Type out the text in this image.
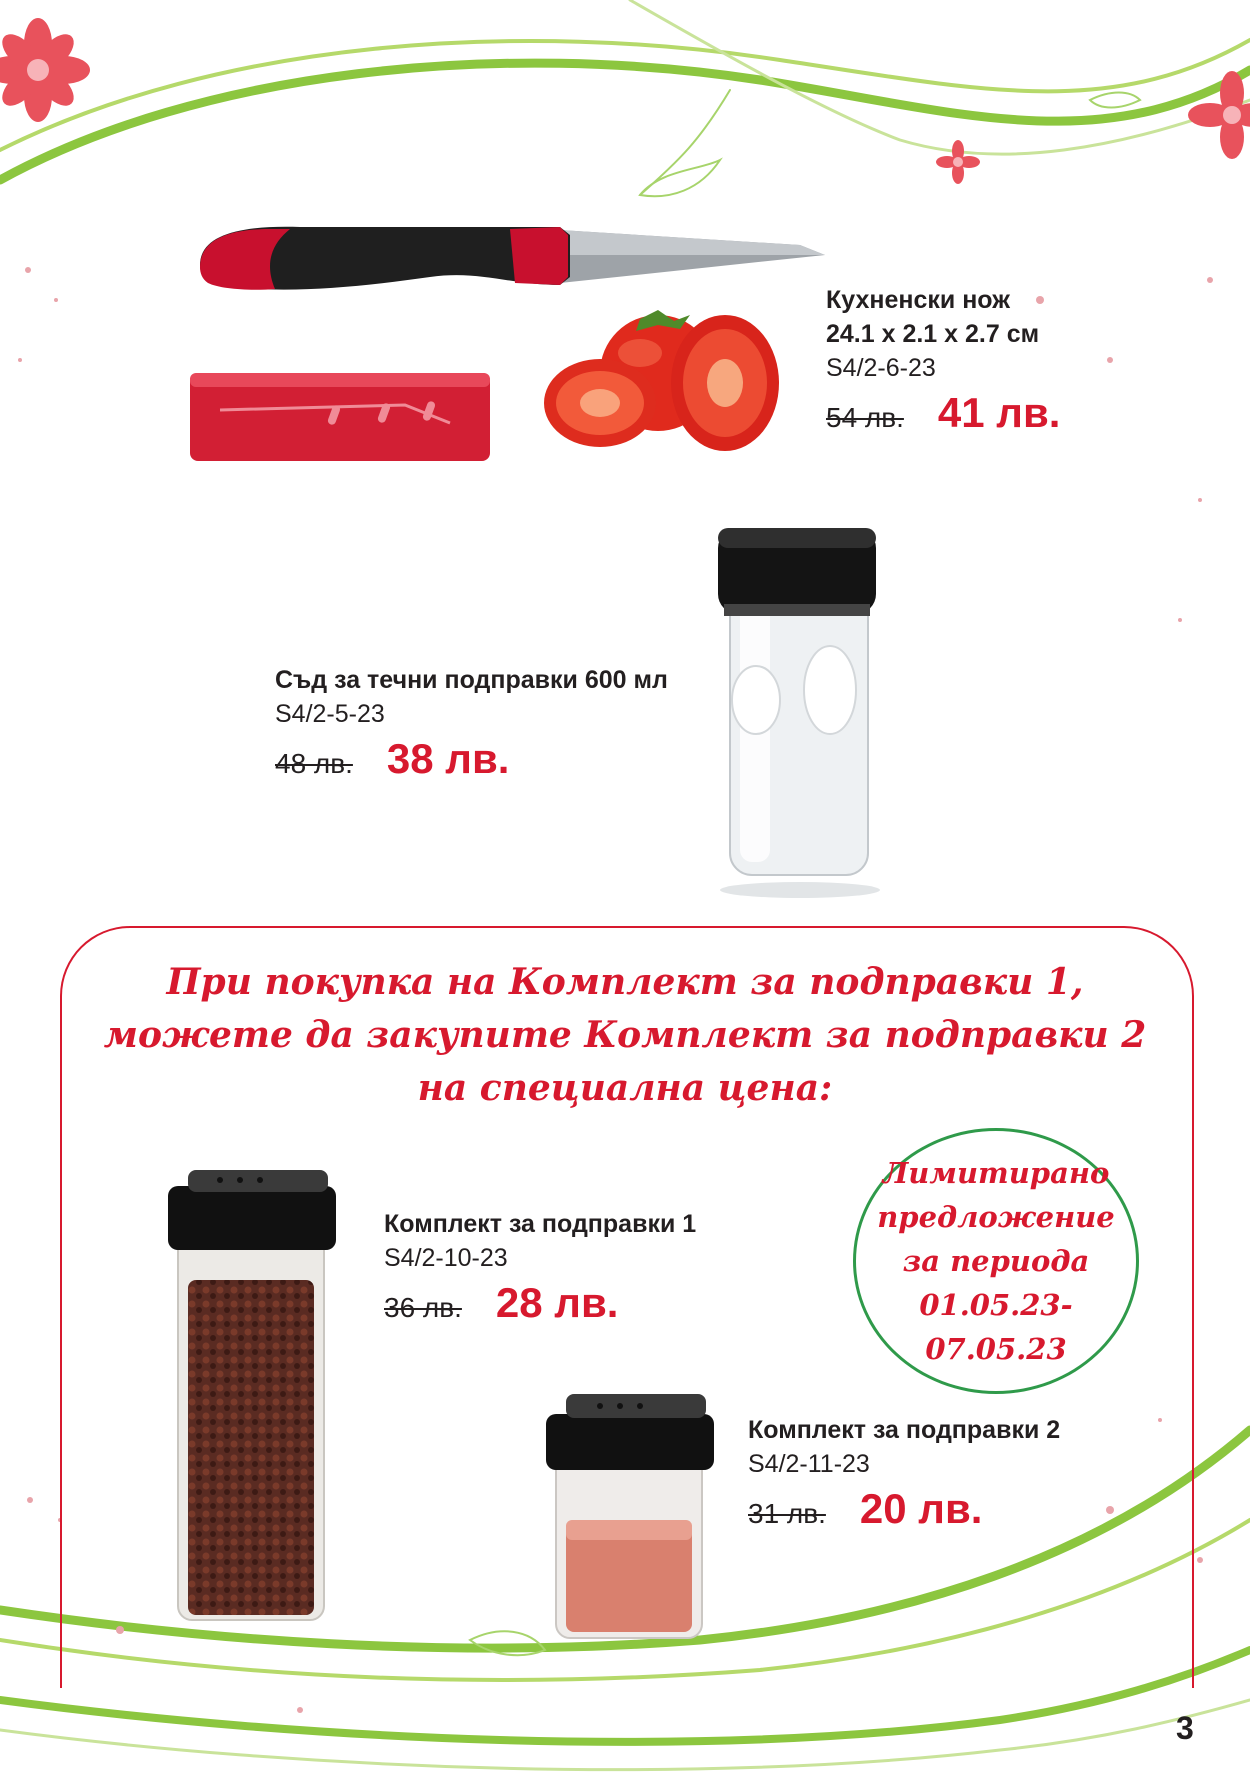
Кухненски нож
24.1 x 2.1 x 2.7 см
S4/2-6-23
54 лв. 41 лв.
Съд за течни подправки 600 мл
S4/2-5-23
48 лв. 38 лв.
При покупка на Комплект за подправки 1,
можете да закупите Комплект за подправки 2
на специална цена:
Комплект за подправки 1
S4/2-10-23
36 лв. 28 лв.
Лимитирано
предложение
за периода
01.05.23-07.05.23
Комплект за подправки 2
S4/2-11-23
31 лв. 20 лв.
3
